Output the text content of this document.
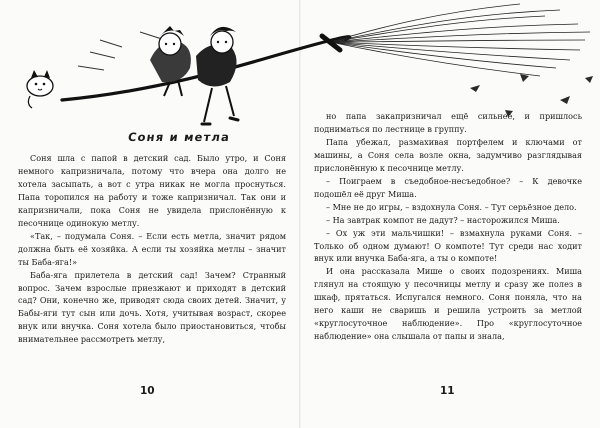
Соня и метла

Соня шла с папой в детский сад. Было утро, и Соня немного капризничала, потому что вчера она долго не хотела засыпать, а вот с утра никак не могла проснуться. Папа торопился на работу и тоже капризничал. Так они и капризничали, пока Соня не увидела прислонённую к песочнице одинокую метлу.

«Так, – подумала Соня. – Если есть метла, значит рядом должна быть её хозяйка. А если ты хозяйка метлы – значит ты Баба-яга!»

Баба-яга прилетела в детский сад! Зачем? Странный вопрос. Зачем взрослые приезжают и приходят в детский сад? Они, конечно же, приводят сюда своих детей. Значит, у Бабы-яги тут сын или дочь. Хотя, учитывая возраст, скорее внук или внучка. Соня хотела было приостановиться, чтобы внимательнее рассмотреть метлу,

но папа закапризничал ещё сильнее, и пришлось подниматься по лестнице в группу.

Папа убежал, размахивая портфелем и ключами от машины, а Соня села возле окна, задумчиво разглядывая прислонённую к песочнице метлу.

– Поиграем в съедобное-несъедобное? – К девочке подошёл её друг Миша.

– Мне не до игры, – вздохнула Соня. – Тут серьёзное дело.

– На завтрак компот не дадут? – насторожился Миша.

– Ох уж эти мальчишки! – взмахнула руками Соня. – Только об одном думают! О компоте! Тут среди нас ходит внук или внучка Баба-яга, а ты о компоте!

И она рассказала Мише о своих подозрениях. Миша глянул на стоящую у песочницы метлу и сразу же полез в шкаф, прятаться. Испугался немного. Соня поняла, что на него каши не сваришь и решила устроить за метлой «круглосуточное наблюдение». Про «круглосуточное наблюдение» она слышала от папы и знала,

10	11
